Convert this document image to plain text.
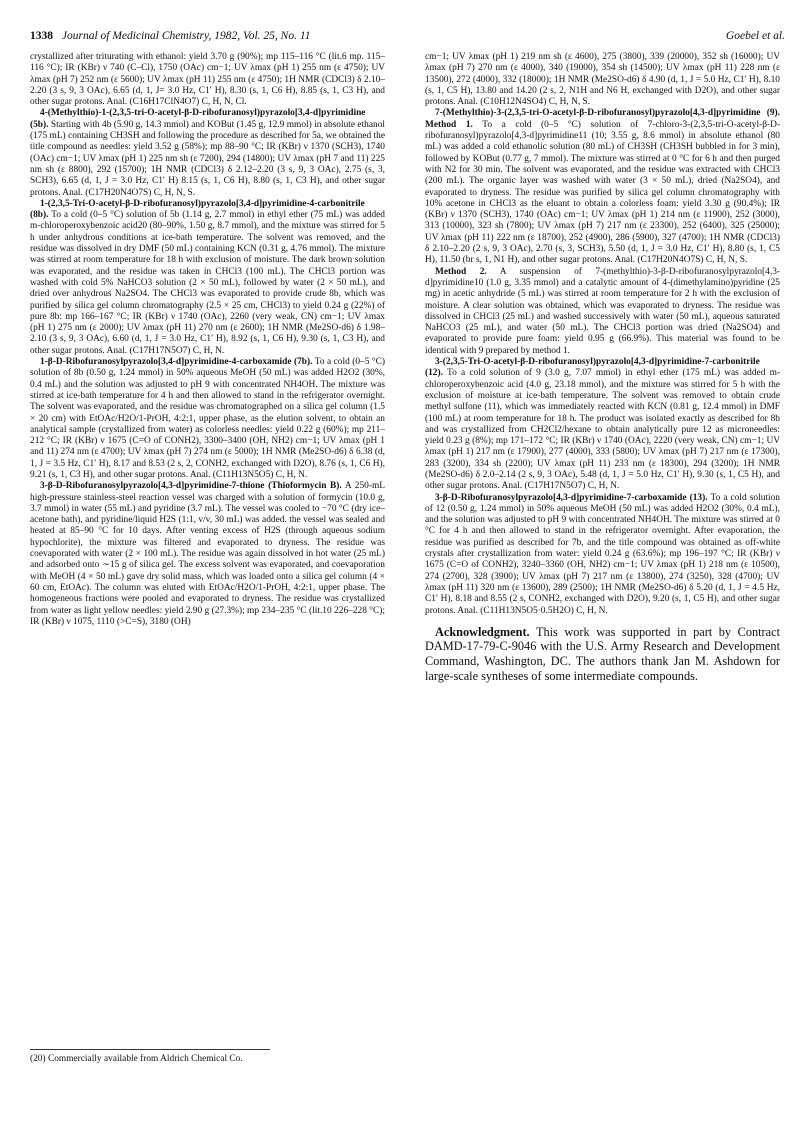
1338 Journal of Medicinal Chemistry, 1982, Vol. 25, No. 11	Goebel et al.

crystallized after triturating with ethanol: yield 3.70 g (90%); mp 115–116 °C (lit.6 mp. 115–116 °C); IR (KBr) ν 740 (C–Cl), 1750 (OAc) cm−1; UV λmax (pH 1) 255 nm (ε 4750); UV λmax (pH 7) 252 nm (ε 5600); UV λmax (pH 11) 255 nm (ε 4750); 1H NMR (CDCl3) δ 2.10–2.20 (3 s, 9, 3 OAc), 6.65 (d, 1, J= 3.0 Hz, C1′ H), 8.30 (s, 1, C6 H), 8.85 (s, 1, C3 H), and other sugar protons. Anal. (C16H17ClN4O7) C, H, N, Cl.

4-(Methylthio)-1-(2,3,5-tri-O-acetyl-β-D-ribofuranosyl)pyrazolo[3,4-d]pyrimidine (5b). Starting with 4b (5.90 g, 14.3 mmol) and KOBut (1.45 g, 12.9 mmol) in absolute ethanol (175 mL) containing CH3SH and following the procedure as described for 5a, we obtained the title compound as needles: yield 3.52 g (58%); mp 88–90 °C; IR (KBr) ν 1370 (SCH3), 1740 (OAc) cm−1; UV λmax (pH 1) 225 nm sh (ε 7200), 294 (14800); UV λmax (pH 7 and 11) 225 nm sh (ε 8800), 292 (15700); 1H NMR (CDCl3) δ 2.12–2.20 (3 s, 9, 3 OAc), 2.75 (s, 3, SCH3), 6.65 (d, 1, J = 3.0 Hz, C1′ H) 8.15 (s, 1, C6 H), 8.80 (s, 1, C3 H), and other sugar protons. Anal. (C17H20N4O7S) C, H, N, S.

1-(2,3,5-Tri-O-acetyl-β-D-ribofuranosyl)pyrazolo[3,4-d]pyrimidine-4-carbonitrile (8b). To a cold (0–5 °C) solution of 5b (1.14 g, 2.7 mmol) in ethyl ether (75 mL) was added m-chloroperoxybenzoic acid20 (80–90%, 1.50 g, 8.7 mmol), and the mixture was stirred for 5 h under anhydrous conditions at ice-bath temperature. The solvent was removed, and the residue was dissolved in dry DMF (50 mL) containing KCN (0.31 g, 4.76 mmol). The mixture was stirred at room temperature for 18 h with exclusion of moisture. The dark brown solution was evaporated, and the residue was taken in CHCl3 (100 mL). The CHCl3 portion was washed with cold 5% NaHCO3 solution (2 × 50 mL), followed by water (2 × 50 mL), and dried over anhydrous Na2SO4. The CHCl3 was evaporated to provide crude 8b, which was purified by silica gel column chromatography (2.5 × 25 cm, CHCl3) to yield 0.24 g (22%) of pure 8b: mp 166–167 °C; IR (KBr) ν 1740 (OAc), 2260 (very weak, CN) cm−1; UV λmax (pH 1) 275 nm (ε 2000); UV λmax (pH 11) 270 nm (ε 2600); 1H NMR (Me2SO-d6) δ 1.98–2.10 (3 s, 9, 3 OAc), 6.60 (d, 1, J = 3.0 Hz, C1′ H), 8.92 (s, 1, C6 H), 9.30 (s, 1, C3 H), and other sugar protons. Anal. (C17H17N5O7) C, H, N.

1-β-D-Ribofuranosylpyrazolo[3,4-d]pyrimidine-4-carboxamide (7b). To a cold (0–5 °C) solution of 8b (0.50 g, 1.24 mmol) in 50% aqueous MeOH (50 mL) was added H2O2 (30%, 0.4 mL) and the solution was adjusted to pH 9 with concentrated NH4OH. The mixture was stirred at ice-bath temperature for 4 h and then allowed to stand in the refrigerator overnight. The solvent was evaporated, and the residue was chromatographed on a silica gel column (1.5 × 20 cm) with EtOAc/H2O/1-PrOH, 4:2:1, upper phase, as the elution solvent, to obtain an analytical sample (crystallized from water) as colorless needles: yield 0.22 g (60%); mp 211–212 °C; IR (KBr) ν 1675 (C=O of CONH2), 3300–3400 (OH, NH2) cm−1; UV λmax (pH 1 and 11) 274 nm (ε 4700); UV λmax (pH 7) 274 nm (ε 5000); 1H NMR (Me2SO-d6) δ 6.38 (d, 1, J = 3.5 Hz, C1′ H), 8.17 and 8.53 (2 s, 2, CONH2, exchanged with D2O), 8.76 (s, 1, C6 H), 9.21 (s, 1, C3 H), and other sugar protons. Anal. (C11H13N5O5) C, H, N.

3-β-D-Ribofuranosylpyrazolo[4,3-d]pyrimidine-7-thione (Thioformycin B). A 250-mL high-pressure stainless-steel reaction vessel was charged with a solution of formycin (10.0 g, 3.7 mmol) in water (55 mL) and pyridine (3.7 mL). The vessel was cooled to −70 °C (dry ice–acetone bath), and pyridine/liquid H2S (1:1, v/v, 30 mL) was added. the vessel was sealed and heated at 85–90 °C for 10 days. After venting excess of H2S (through aqueous sodium hypochlorite), the mixture was filtered and evaporated to dryness. The residue was coevaporated with water (2 × 100 mL). The residue was again dissolved in hot water (25 mL) and adsorbed onto ∼15 g of silica gel. The excess solvent was evaporated, and coevaporation with MeOH (4 × 50 mL) gave dry solid mass, which was loaded onto a silica gel column (4 × 60 cm, EtOAc). The column was eluted with EtOAc/H2O/1-PrOH, 4:2:1, upper phase. The homogeneous fractions were pooled and evaporated to dryness. The residue was crystallized from water as light yellow needles: yield 2.90 g (27.3%); mp 234–235 °C (lit.10 226–228 °C); IR (KBr) ν 1075, 1110 (>C=S), 3180 (OH)

cm−1; UV λmax (pH 1) 219 nm sh (ε 4600), 275 (3800), 339 (20000), 352 sh (16000); UV λmax (pH 7) 270 nm (ε 4000), 340 (19000), 354 sh (14500); UV λmax (pH 11) 228 nm (ε 13500), 272 (4000), 332 (18000); 1H NMR (Me2SO-d6) δ 4.90 (d, 1, J = 5.0 Hz, C1′ H), 8.10 (s, 1, C5 H), 13.80 and 14.20 (2 s, 2, N1H and N6 H, exchanged with D2O), and other sugar protons. Anal. (C10H12N4SO4) C, H, N, S.

7-(Methylthio)-3-(2,3,5-tri-O-acetyl-β-D-ribofuranosyl)pyrazolo[4,3-d]pyrimidine (9). Method 1. To a cold (0–5 °C) solution of 7-chloro-3-(2,3,5-tri-O-acetyl-β-D-ribofuranosyl)pyrazolo[4,3-d]pyrimidine11 (10; 3.55 g, 8.6 mmol) in absolute ethanol (80 mL) was added a cold ethanolic solution (80 mL) of CH3SH (CH3SH bubbled in for 3 min), followed by KOBut (0.77 g, 7 mmol). The mixture was stirred at 0 °C for 6 h and then purged with N2 for 30 min. The solvent was evaporated, and the residue was extracted with CHCl3 (200 mL). The organic layer was washed with water (3 × 50 mL), dried (Na2SO4), and evaporated to dryness. The residue was purified by silica gel column chromatography with 10% acetone in CHCl3 as the eluant to obtain a colorless foam: yield 3.30 g (90.4%); IR (KBr) ν 1370 (SCH3), 1740 (OAc) cm−1; UV λmax (pH 1) 214 nm (ε 11900), 252 (3000), 313 (10000), 323 sh (7800); UV λmax (pH 7) 217 nm (ε 23300), 252 (6400), 325 (25000); UV λmax (pH 11) 222 nm (ε 18700), 252 (4900), 286 (5900), 327 (4700); 1H NMR (CDCl3) δ 2.10–2.20 (2 s, 9, 3 OAc), 2.70 (s, 3, SCH3), 5.50 (d, 1, J = 3.0 Hz, C1′ H), 8.80 (s, 1, C5 H), 11.50 (br s, 1, N1 H), and other sugar protons. Anal. (C17H20N4O7S) C, H, N, S.

Method 2. A suspension of 7-(methylthio)-3-β-D-ribofuranosylpyrazolo[4,3-d]pyrimidine10 (1.0 g, 3.35 mmol) and a catalytic amount of 4-(dimethylamino)pyridine (25 mg) in acetic anhydride (5 mL) was stirred at room temperature for 2 h with the exclusion of moisture. A clear solution was obtained, which was evaporated to dryness. The residue was dissolved in CHCl3 (25 mL) and washed successively with water (50 mL), aqueous saturated NaHCO3 (25 mL), and water (50 mL). The CHCl3 portion was dried (Na2SO4) and evaporated to provide pure foam: yield 0.95 g (66.9%). This material was found to be identical with 9 prepared by method 1.

3-(2,3,5-Tri-O-acetyl-β-D-ribofuranosyl)pyrazolo[4,3-d]pyrimidine-7-carbonitrile (12). To a cold solution of 9 (3.0 g, 7.07 mmol) in ethyl ether (175 mL) was added m-chloroperoxybenzoic acid (4.0 g, 23.18 mmol), and the mixture was stirred for 5 h with the exclusion of moisture at ice-bath temperature. The solvent was removed to obtain crude methyl sulfone (11), which was immediately reacted with KCN (0.81 g, 12.4 mmol) in DMF (100 mL) at room temperature for 18 h. The product was isolated exactly as described for 8b and was crystallized from CH2Cl2/hexane to obtain analytically pure 12 as microneedles: yield 0.23 g (8%); mp 171–172 °C; IR (KBr) ν 1740 (OAc), 2220 (very weak, CN) cm−1; UV λmax (pH 1) 217 nm (ε 17900), 277 (4000), 333 (5800); UV λmax (pH 7) 217 nm (ε 17300), 283 (3200), 334 sh (2200); UV λmax (pH 11) 233 nm (ε 18300), 294 (3200); 1H NMR (Me2SO-d6) δ 2.0–2.14 (2 s, 9, 3 OAc), 5.48 (d, 1, J = 5.0 Hz, C1′ H), 9.30 (s, 1, C5 H), and other sugar protons. Anal. (C17H17N5O7) C, H, N.

3-β-D-Ribofuranosylpyrazolo[4,3-d]pyrimidine-7-carboxamide (13). To a cold solution of 12 (0.50 g, 1.24 mmol) in 50% aqueous MeOH (50 mL) was added H2O2 (30%, 0.4 mL), and the solution was adjusted to pH 9 with concentrated NH4OH. The mixture was stirred at 0 °C for 4 h and then allowed to stand in the refrigerator overnight. After evaporation, the residue was purified as described for 7b, and the title compound was obtained as off-white crystals after crystallization from water: yield 0.24 g (63.6%); mp 196–197 °C; IR (KBr) ν 1675 (C=O of CONH2), 3240–3360 (OH, NH2) cm−1; UV λmax (pH 1) 218 nm (ε 10500), 274 (2700), 328 (3900); UV λmax (pH 7) 217 nm (ε 13800), 274 (3250), 328 (4700); UV λmax (pH 11) 320 nm (ε 13600), 289 (2500); 1H NMR (Me2SO-d6) δ 5.20 (d, 1, J = 4.5 Hz, C1′ H), 8.18 and 8.55 (2 s, CONH2, exchanged with D2O), 9.20 (s, 1, C5 H), and other sugar protons. Anal. (C11H13N5O5·0.5H2O) C, H, N.

Acknowledgment. This work was supported in part by Contract DAMD-17-79-C-9046 with the U.S. Army Research and Development Command, Washington, DC. The authors thank Jan M. Ashdown for large-scale syntheses of some intermediate compounds.

(20) Commercially available from Aldrich Chemical Co.
